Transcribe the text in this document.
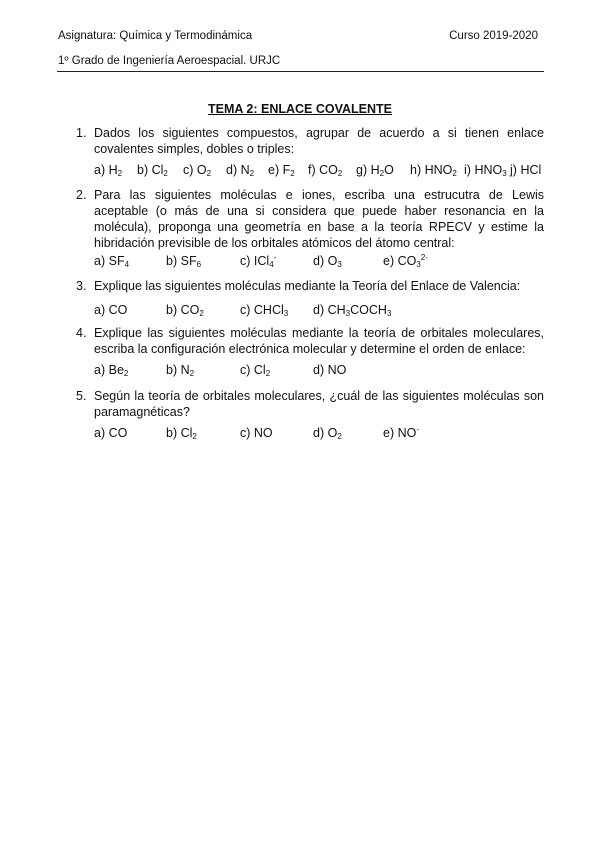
Asignatura: Química y Termodinámica	Curso 2019-2020
1º Grado de Ingeniería Aeroespacial. URJC
TEMA 2: ENLACE COVALENTE
1. Dados los siguientes compuestos, agrupar de acuerdo a si tienen enlace covalentes simples, dobles o triples:
a) $H_2$ b) $Cl_2$ c) $O_2$ d) $N_2$ e) $F_2$ f) $CO_2$ g) $H_2O$ h) $HNO_2$ i) $HNO_3$ j) HCl
2. Para las siguientes moléculas e iones, escriba una estrucutra de Lewis aceptable (o más de una si considera que puede haber resonancia en la molécula), proponga una geometría en base a la teoría RPECV y estime la hibridación previsible de los orbitales atómicos del átomo central:
a) $SF_4$	b) $SF_6$	c) ICl$_4$-	d) $O_3$	e) $CO_3^{2-}$
3. Explique las siguientes moléculas mediante la Teoría del Enlace de Valencia:
a) CO	b) $CO_2$	c) CHCl$_3$ d) $CH_3COCH_3$
4. Explique las siguientes moléculas mediante la teoría de orbitales moleculares, escriba la configuración electrónica molecular y determine el orden de enlace:
a) $Be_2$	b) $N_2$	c) $Cl_2$	d) NO
5. Según la teoría de orbitales moleculares, ¿cuál de las siguientes moléculas son paramagnéticas?
a) CO	b) $Cl_2$	c) NO	d) $O_2$	e) NO-
